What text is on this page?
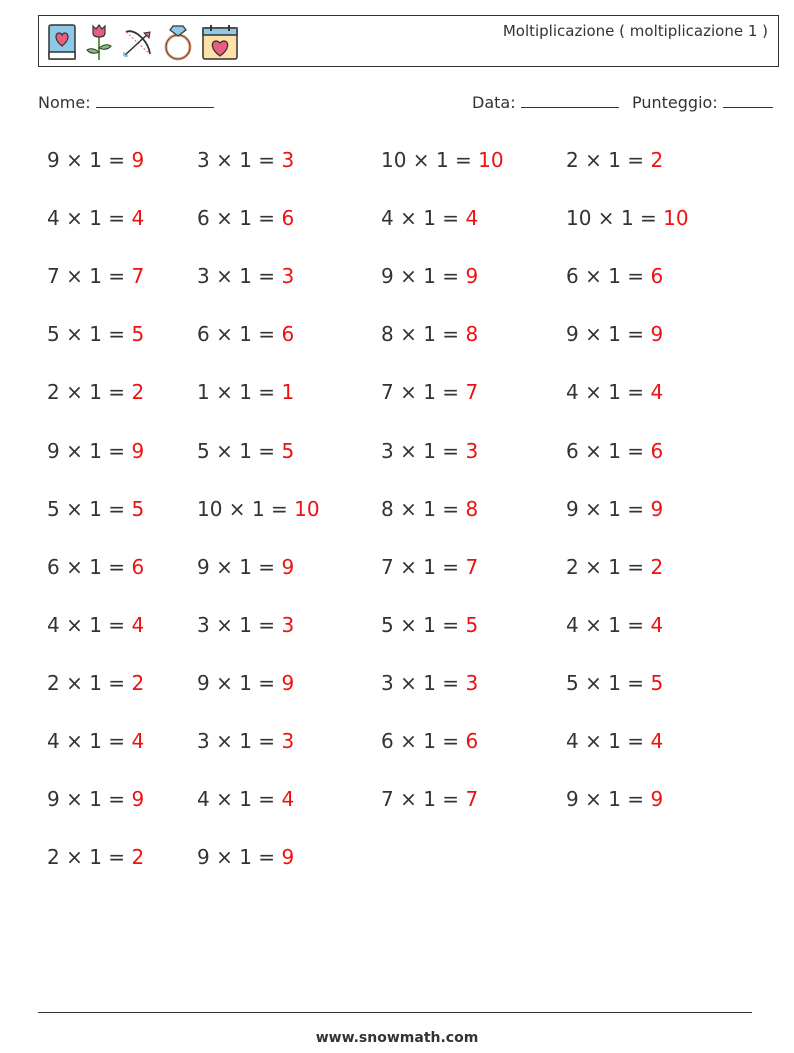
Moltiplicazione ( moltiplicazione 1 )
Nome:	Data:	Punteggio:
9 × 1 = 9
4 × 1 = 4
7 × 1 = 7
5 × 1 = 5
2 × 1 = 2
9 × 1 = 9
5 × 1 = 5
6 × 1 = 6
4 × 1 = 4
2 × 1 = 2
4 × 1 = 4
9 × 1 = 9
2 × 1 = 2
3 × 1 = 3
6 × 1 = 6
3 × 1 = 3
6 × 1 = 6
1 × 1 = 1
5 × 1 = 5
10 × 1 = 10
9 × 1 = 9
3 × 1 = 3
9 × 1 = 9
3 × 1 = 3
4 × 1 = 4
9 × 1 = 9
10 × 1 = 10
4 × 1 = 4
9 × 1 = 9
8 × 1 = 8
7 × 1 = 7
3 × 1 = 3
8 × 1 = 8
7 × 1 = 7
5 × 1 = 5
3 × 1 = 3
6 × 1 = 6
7 × 1 = 7
2 × 1 = 2
10 × 1 = 10
6 × 1 = 6
9 × 1 = 9
4 × 1 = 4
6 × 1 = 6
9 × 1 = 9
2 × 1 = 2
4 × 1 = 4
5 × 1 = 5
4 × 1 = 4
9 × 1 = 9
www.snowmath.com
